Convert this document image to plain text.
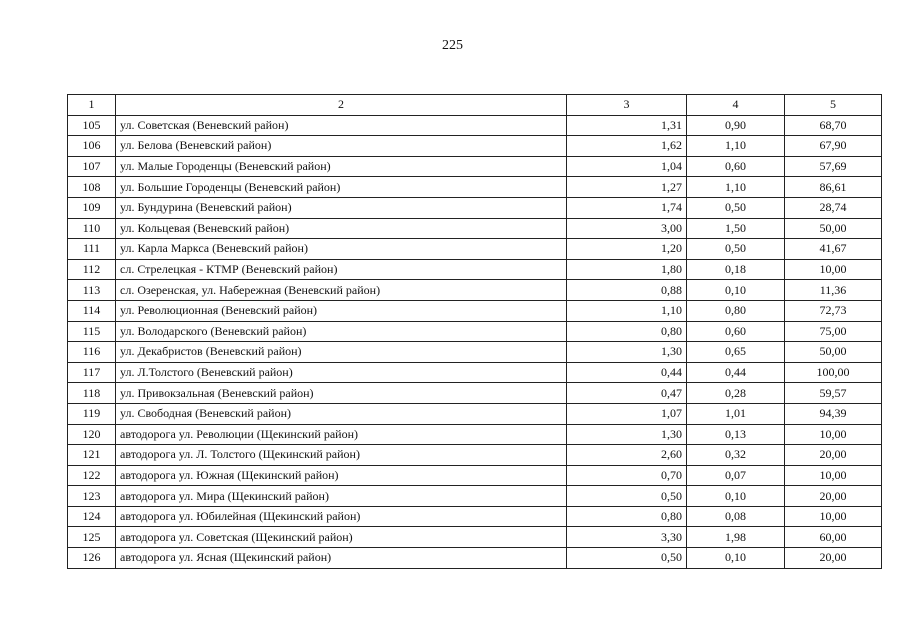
225
1	2	3	4	5
105	ул. Советская (Веневский район)	1,31	0,90	68,70
106	ул. Белова (Веневский район)	1,62	1,10	67,90
107	ул. Малые Городенцы (Веневский район)	1,04	0,60	57,69
108	ул. Большие Городенцы (Веневский район)	1,27	1,10	86,61
109	ул. Бундурина (Веневский район)	1,74	0,50	28,74
110	ул. Кольцевая (Веневский район)	3,00	1,50	50,00
111	ул. Карла Маркса (Веневский район)	1,20	0,50	41,67
112	сл. Стрелецкая - КТМР (Веневский район)	1,80	0,18	10,00
113	сл. Озеренская, ул. Набережная (Веневский район)	0,88	0,10	11,36
114	ул. Революционная (Веневский район)	1,10	0,80	72,73
115	ул. Володарского (Веневский район)	0,80	0,60	75,00
116	ул. Декабристов (Веневский район)	1,30	0,65	50,00
117	ул. Л.Толстого (Веневский район)	0,44	0,44	100,00
118	ул. Привокзальная (Веневский район)	0,47	0,28	59,57
119	ул. Свободная (Веневский район)	1,07	1,01	94,39
120	автодорога ул. Революции (Щекинский район)	1,30	0,13	10,00
121	автодорога ул. Л. Толстого (Щекинский район)	2,60	0,32	20,00
122	автодорога ул. Южная (Щекинский район)	0,70	0,07	10,00
123	автодорога ул. Мира (Щекинский район)	0,50	0,10	20,00
124	автодорога ул. Юбилейная (Щекинский район)	0,80	0,08	10,00
125	автодорога ул. Советская (Щекинский район)	3,30	1,98	60,00
126	автодорога ул. Ясная (Щекинский район)	0,50	0,10	20,00
